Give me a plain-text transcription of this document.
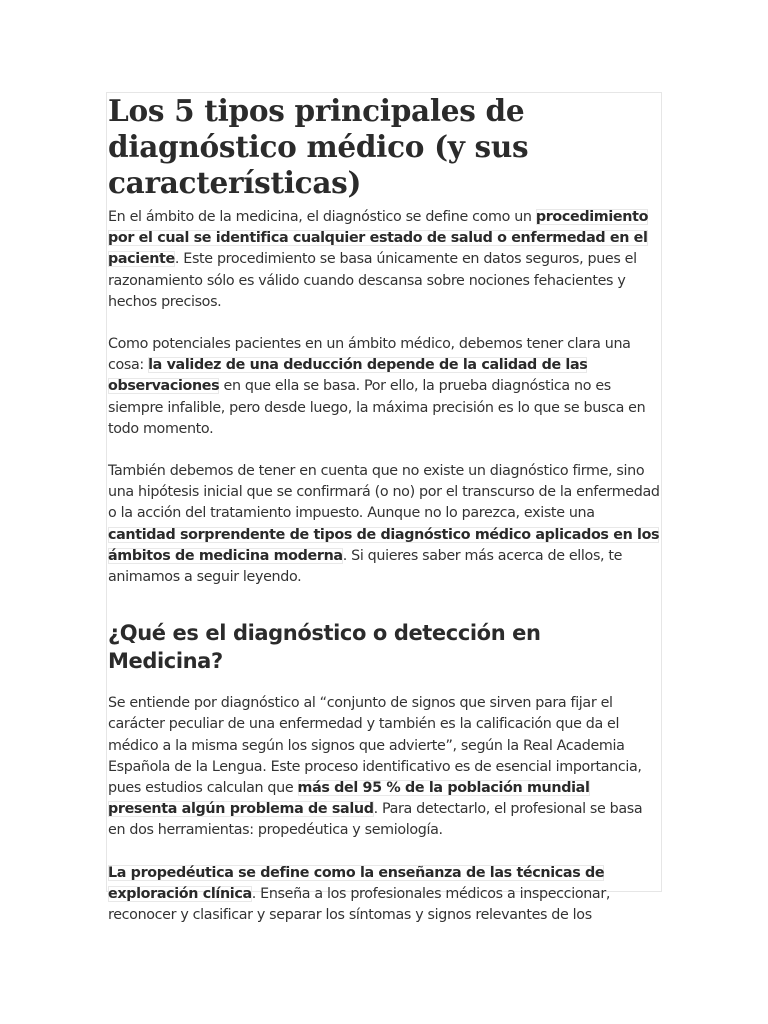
Los 5 tipos principales de diagnóstico médico (y sus características)

En el ámbito de la medicina, el diagnóstico se define como un procedimiento por el cual se identifica cualquier estado de salud o enfermedad en el paciente. Este procedimiento se basa únicamente en datos seguros, pues el razonamiento sólo es válido cuando descansa sobre nociones fehacientes y hechos precisos.

Como potenciales pacientes en un ámbito médico, debemos tener clara una cosa: la validez de una deducción depende de la calidad de las observaciones en que ella se basa. Por ello, la prueba diagnóstica no es siempre infalible, pero desde luego, la máxima precisión es lo que se busca en todo momento.

También debemos de tener en cuenta que no existe un diagnóstico firme, sino una hipótesis inicial que se confirmará (o no) por el transcurso de la enfermedad o la acción del tratamiento impuesto. Aunque no lo parezca, existe una cantidad sorprendente de tipos de diagnóstico médico aplicados en los ámbitos de medicina moderna. Si quieres saber más acerca de ellos, te animamos a seguir leyendo.

¿Qué es el diagnóstico o detección en Medicina?

Se entiende por diagnóstico al “conjunto de signos que sirven para fijar el carácter peculiar de una enfermedad y también es la calificación que da el médico a la misma según los signos que advierte”, según la Real Academia Española de la Lengua. Este proceso identificativo es de esencial importancia, pues estudios calculan que más del 95 % de la población mundial presenta algún problema de salud. Para detectarlo, el profesional se basa en dos herramientas: propedéutica y semiología.

La propedéutica se define como la enseñanza de las técnicas de exploración clínica. Enseña a los profesionales médicos a inspeccionar, reconocer y clasificar y separar los síntomas y signos relevantes de los
